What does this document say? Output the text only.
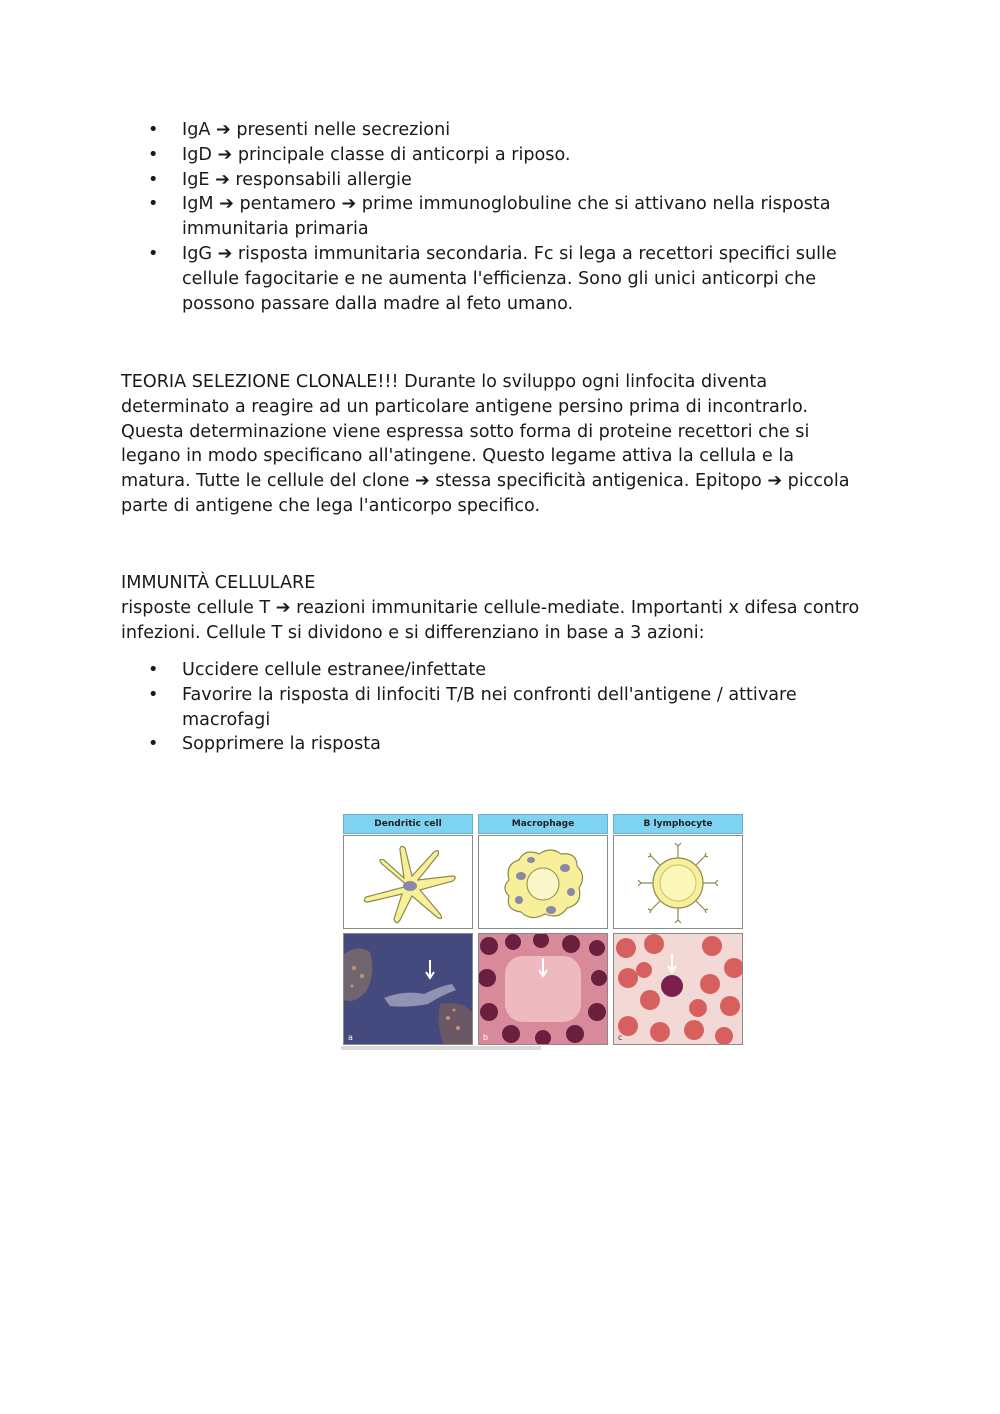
• IgA ➔ presenti nelle secrezioni
• IgD ➔ principale classe di anticorpi a riposo.
• IgE ➔ responsabili allergie
• IgM ➔ pentamero ➔ prime immunoglobuline che si attivano nella risposta immunitaria primaria
• IgG ➔ risposta immunitaria secondaria. Fc si lega a recettori specifici sulle cellule fagocitarie e ne aumenta l'efficienza. Sono gli unici anticorpi che possono passare dalla madre al feto umano.

TEORIA SELEZIONE CLONALE!!! Durante lo sviluppo ogni linfocita diventa determinato a reagire ad un particolare antigene persino prima di incontrarlo. Questa determinazione viene espressa sotto forma di proteine recettori che si legano in modo specificano all'atingene. Questo legame attiva la cellula e la matura. Tutte le cellule del clone ➔ stessa specificità antigenica. Epitopo ➔ piccola parte di antigene che lega l'anticorpo specifico.

IMMUNITÀ CELLULARE

risposte cellule T ➔ reazioni immunitarie cellule-mediate. Importanti x difesa contro infezioni. Cellule T si dividono e si differenziano in base a 3 azioni:

• Uccidere cellule estranee/infettate
• Favorire la risposta di linfociti T/B nei confronti dell'antigene / attivare macrofagi
• Sopprimere la risposta
Dendritic cell	Macrophage	B lymphocyte
a	b	c
